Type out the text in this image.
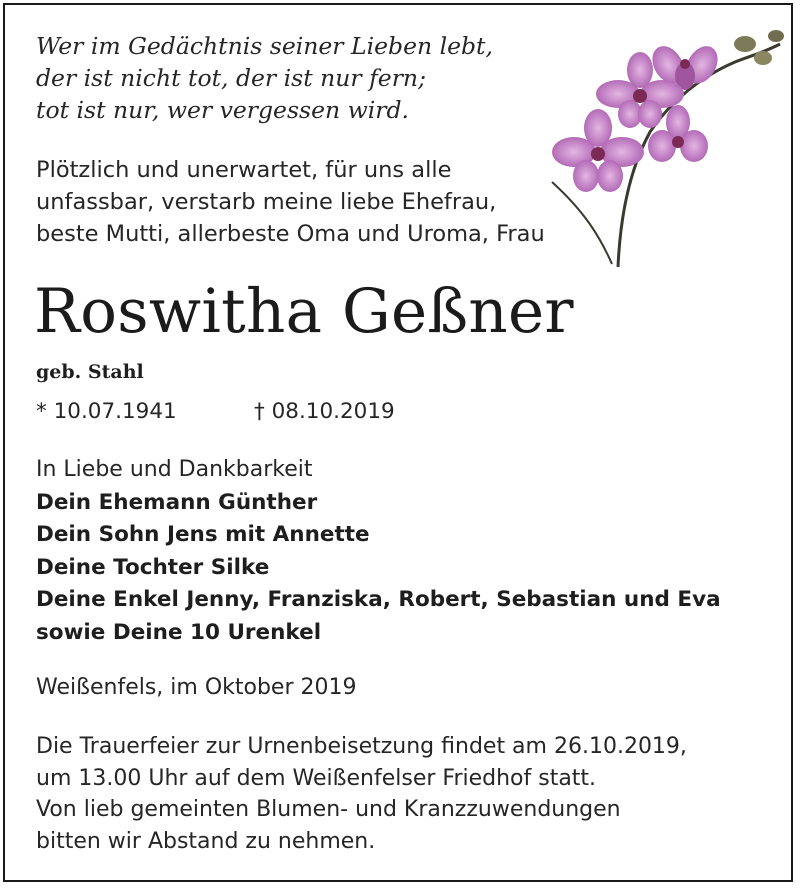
Wer im Gedächtnis seiner Lieben lebt,
der ist nicht tot, der ist nur fern;
tot ist nur, wer vergessen wird.
Plötzlich und unerwartet, für uns alle
unfassbar, verstarb meine liebe Ehefrau,
beste Mutti, allerbeste Oma und Uroma, Frau
Roswitha Geßner
geb. Stahl
* 10.07.1941	† 08.10.2019
In Liebe und Dankbarkeit
Dein Ehemann Günther
Dein Sohn Jens mit Annette
Deine Tochter Silke
Deine Enkel Jenny, Franziska, Robert, Sebastian und Eva
sowie Deine 10 Urenkel
Weißenfels, im Oktober 2019
Die Trauerfeier zur Urnenbeisetzung findet am 26.10.2019,
um 13.00 Uhr auf dem Weißenfelser Friedhof statt.
Von lieb gemeinten Blumen- und Kranzzuwendungen
bitten wir Abstand zu nehmen.
